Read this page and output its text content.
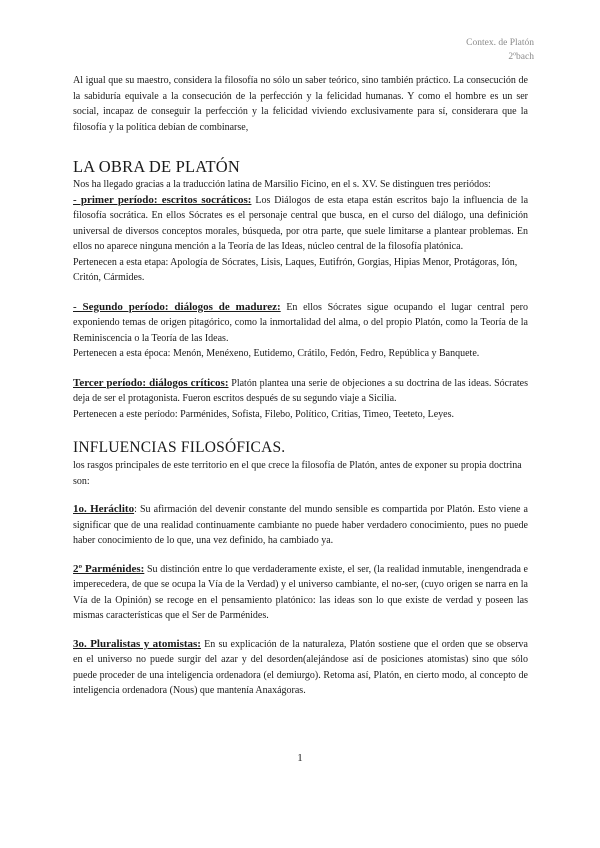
Contex. de Platón
2ºbach

Al igual que su maestro, considera la filosofía no sólo un saber teórico, sino también práctico. La consecución de la sabiduría equivale a la consecución de la perfección y la felicidad humanas. Y como el hombre es un ser social, incapaz de conseguir la perfección y la felicidad viviendo exclusivamente para sí, considerara que la filosofía y la política debían de combinarse,

LA OBRA DE PLATÓN

Nos ha llegado gracias a la traducción latina de Marsilio Ficino, en el s. XV. Se distinguen tres periódos:

- primer período: escritos socráticos: Los Diálogos de esta etapa están escritos bajo la influencia de la filosofía socrática. En ellos Sócrates es el personaje central que busca, en el curso del diálogo, una definición universal de diversos conceptos morales, búsqueda, por otra parte, que suele limitarse a plantear problemas. En ellos no aparece ninguna mención a la Teoría de las Ideas, núcleo central de la filosofía platónica.

Pertenecen a esta etapa: Apología de Sócrates, Lisis, Laques, Eutifrón, Gorgias, Hipias Menor, Protágoras, Ión, Critón, Cármides.

- Segundo período: diálogos de madurez: En ellos Sócrates sigue ocupando el lugar central pero exponiendo temas de origen pitagórico, como la inmortalidad del alma, o del propio Platón, como la Teoría de la Reminiscencia o la Teoría de las Ideas.

Pertenecen a esta época: Menón, Menéxeno, Eutidemo, Crátilo, Fedón, Fedro, República y Banquete.

Tercer período: diálogos críticos: Platón plantea una serie de objeciones a su doctrina de las ideas. Sócrates deja de ser el protagonista. Fueron escritos después de su segundo viaje a Sicilia.

Pertenecen a este período: Parménides, Sofista, Filebo, Político, Critias, Timeo, Teeteto, Leyes.

INFLUENCIAS FILOSÓFICAS.

los rasgos principales de este territorio en el que crece la filosofía de Platón, antes de exponer su propia doctrina son:

1o. Heráclito: Su afirmación del devenir constante del mundo sensible es compartida por Platón. Esto viene a significar que de una realidad continuamente cambiante no puede haber verdadero conocimiento, pues no puede haber conocimiento de lo que, una vez definido, ha cambiado ya.

2º Parménides: Su distinción entre lo que verdaderamente existe, el ser, (la realidad inmutable, inengendrada e imperecedera, de que se ocupa la Vía de la Verdad) y el universo cambiante, el no-ser, (cuyo origen se narra en la Vía de la Opinión) se recoge en el pensamiento platónico: las ideas son lo que existe de verdad y poseen las mismas características que el Ser de Parménides.

3o. Pluralistas y atomistas: En su explicación de la naturaleza, Platón sostiene que el orden que se observa en el universo no puede surgir del azar y del desorden(alejándose así de posiciones atomistas) sino que sólo puede proceder de una inteligencia ordenadora (el demiurgo). Retoma así, Platón, en cierto modo, al concepto de inteligencia ordenadora (Nous) que mantenía Anaxágoras.

1
